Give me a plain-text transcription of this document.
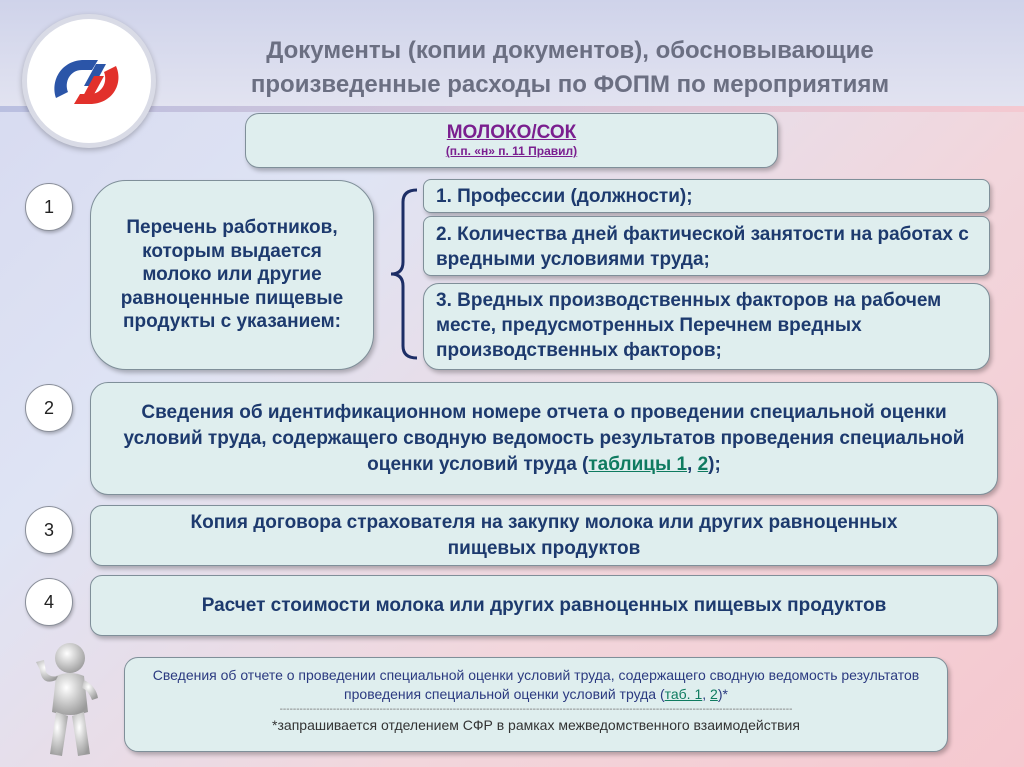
Документы (копии документов), обосновывающие
произведенные расходы по ФОПМ по мероприятиям
МОЛОКО/СОК
(п.п. «н» п. 11 Правил)
1
Перечень работников, которым выдается молоко или другие равноценные пищевые продукты с указанием:
1. Профессии (должности);
2. Количества дней фактической занятости на работах с вредными условиями труда;
3. Вредных производственных факторов на рабочем месте, предусмотренных Перечнем вредных производственных факторов;
2	Сведения об идентификационном номере отчета о проведении специальной оценки условий труда, содержащего сводную ведомость результатов проведения специальной оценки условий труда (таблицы 1, 2);
3	Копия договора страхователя на закупку молока или других равноценных пищевых продуктов
4	Расчет стоимости молока или других равноценных пищевых продуктов
Сведения об отчете о проведении специальной оценки условий труда, содержащего сводную ведомость результатов проведения специальной оценки условий труда (таб. 1, 2)*
----------------------------------------------------------------------------------------------------------------------------------------------------------
*запрашивается отделением СФР в рамках межведомственного взаимодействия
